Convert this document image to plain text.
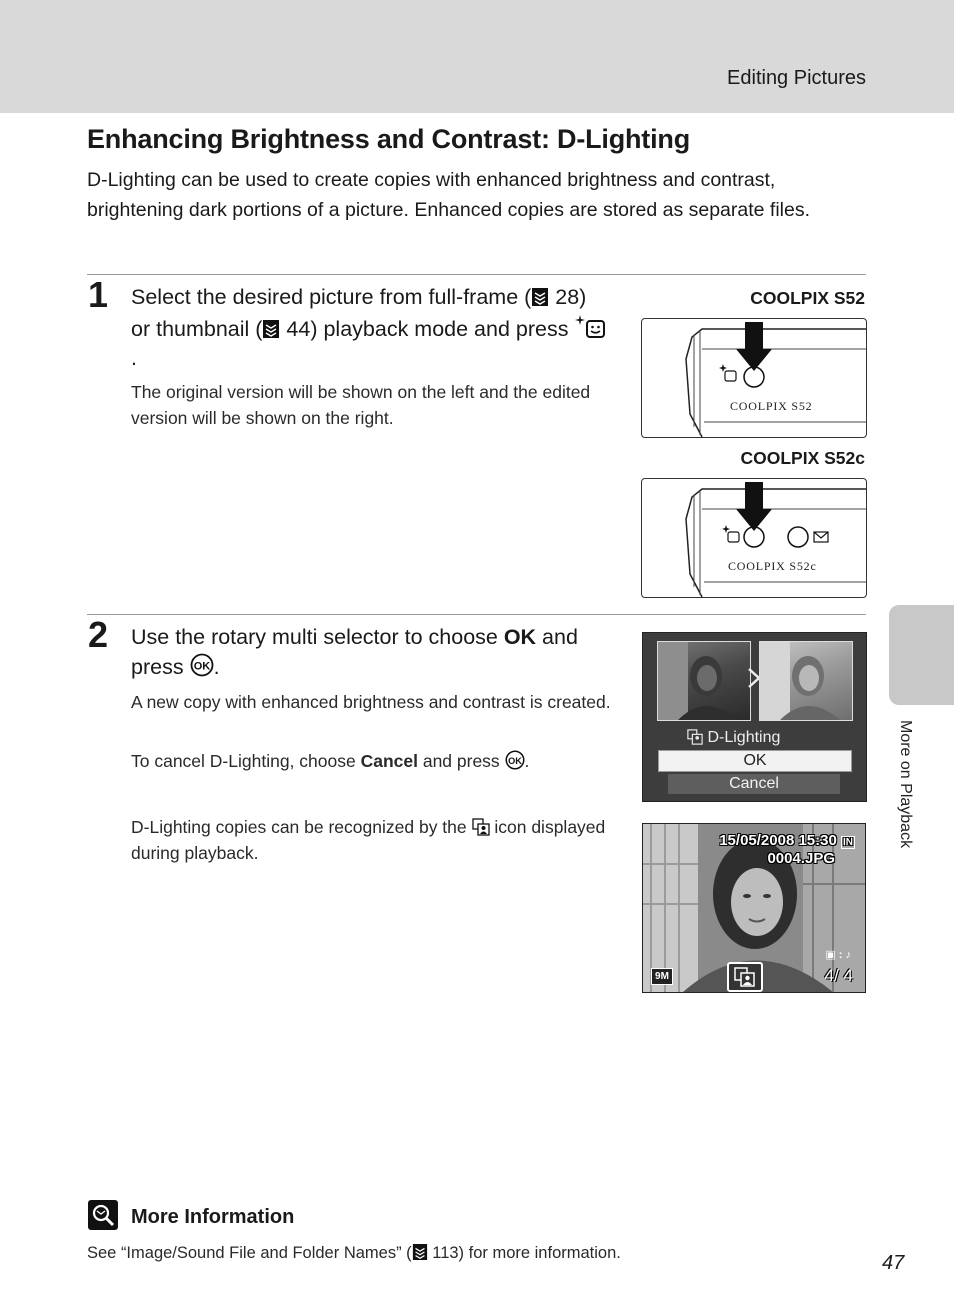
Editing Pictures
Enhancing Brightness and Contrast: D-Lighting

D-Lighting can be used to create copies with enhanced brightness and contrast, brightening dark portions of a picture. Enhanced copies are stored as separate files.

1 Select the desired picture from full-frame ( 28) or thumbnail ( 44) playback mode and press .

The original version will be shown on the left and the edited version will be shown on the right.

COOLPIX S52
COOLPIX S52
COOLPIX S52c
COOLPIX S52c
2 Use the rotary multi selector to choose OK and press OK .

A new copy with enhanced brightness and contrast is created.

To cancel D-Lighting, choose Cancel and press OK .

D-Lighting copies can be recognized by the  icon displayed during playback.

D-Lighting
OK
Cancel
15/05/2008 15:30 IN
0004.JPG
9M
▣ : ♪
4/ 4
More on Playback
More Information

See “Image/Sound File and Folder Names” ( 113) for more information.	47
